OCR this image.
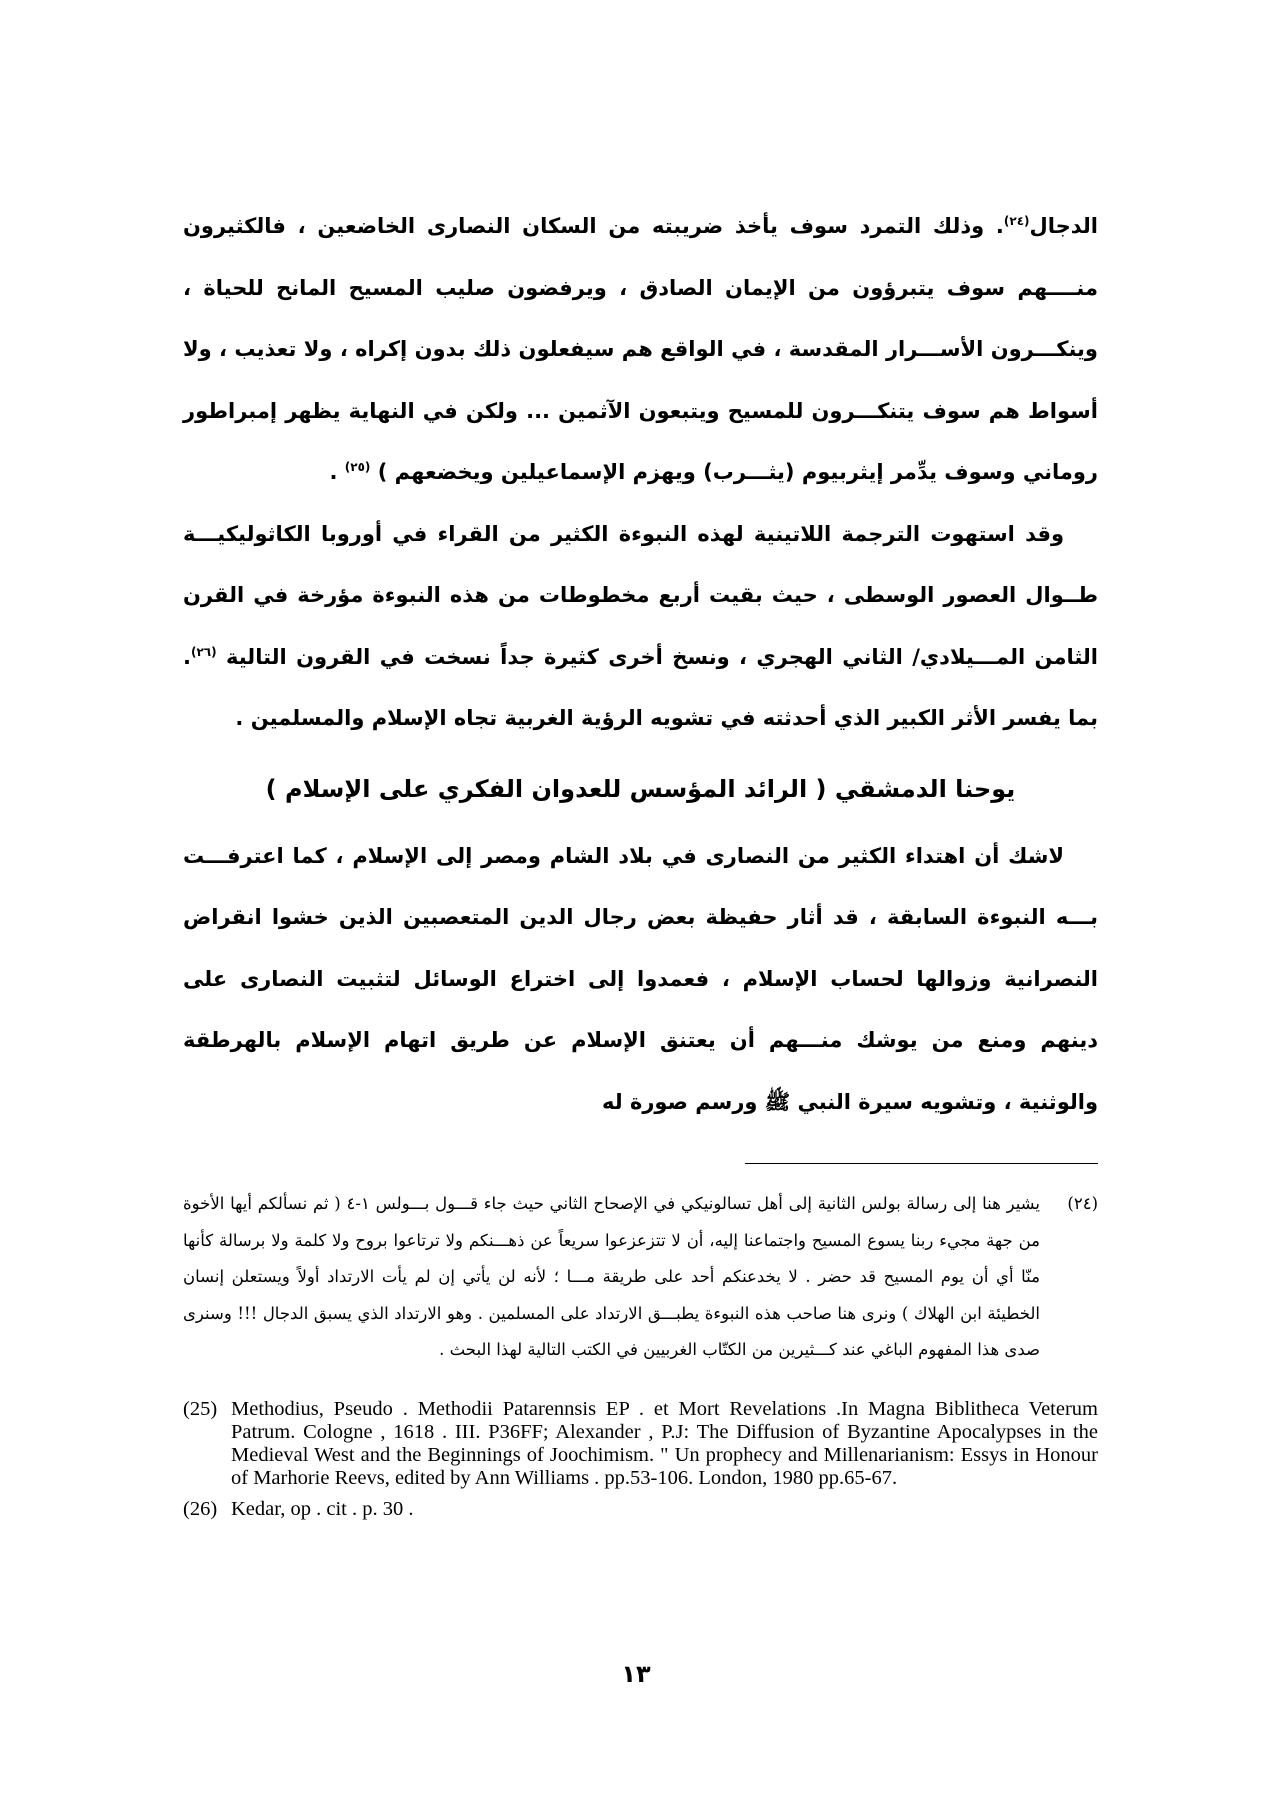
الدجال$^{(٢٤)}$. وذلك التمرد سوف يأخذ ضريبته من السكان النصارى الخاضعين ، فالكثيرون منــــهم سوف يتبرؤون من الإيمان الصادق ، ويرفضون صليب المسيح المانح للحياة ، وينكـــرون الأســـرار المقدسة ، في الواقع هم سيفعلون ذلك بدون إكراه ، ولا تعذيب ، ولا أسواط هم سوف يتنكـــرون للمسيح ويتبعون الآثمين ... ولكن في النهاية يظهر إمبراطور روماني وسوف يدِّمر إيثربيوم (يثـــرب) ويهزم الإسماعيلين ويخضعهم ) $^{(٢٥)}$ .

وقد استهوت الترجمة اللاتينية لهذه النبوءة الكثير من القراء في أوروبا الكاثوليكيـــة طــوال العصور الوسطى ، حيث بقيت أربع مخطوطات من هذه النبوءة مؤرخة في القرن الثامن المـــيلادي/ الثاني الهجري ، ونسخ أخرى كثيرة جداً نسخت في القرون التالية $^{(٢٦)}$. بما يفسر الأثر الكبير الذي أحدثته في تشويه الرؤية الغربية تجاه الإسلام والمسلمين .

يوحنا الدمشقي ( الرائد المؤسس للعدوان الفكري على الإسلام )

لاشك أن اهتداء الكثير من النصارى في بلاد الشام ومصر إلى الإسلام ، كما اعترفـــت بـــه النبوءة السابقة ، قد أثار حفيظة بعض رجال الدين المتعصبين الذين خشوا انقراض النصرانية وزوالها لحساب الإسلام ، فعمدوا إلى اختراع الوسائل لتثبيت النصارى على دينهم ومنع من يوشك منـــهم أن يعتنق الإسلام عن طريق اتهام الإسلام بالهرطقة والوثنية ، وتشويه سيرة النبي ﷺ ورسم صورة له

(٢٤)
يشير هنا إلى رسالة بولس الثانية إلى أهل تسالونيكي في الإصحاح الثاني حيث جاء قـــول بـــولس ١-٤ ( ثم نسألكم أيها الأخوة من جهة مجيء ربنا يسوع المسيح واجتماعنا إليه، أن لا تتزعزعوا سريعاً عن ذهـــنكم ولا ترتاعوا بروح ولا كلمة ولا برسالة كأنها منّا أي أن يوم المسيح قد حضر . لا يخدعنكم أحد على طريقة مـــا ؛ لأنه لن يأتي إن لم يأت الارتداد أولاً ويستعلن إنسان الخطيئة ابن الهلاك ) ونرى هنا صاحب هذه النبوءة يطبـــق الارتداد على المسلمين . وهو الارتداد الذي يسبق الدجال !!! وسنرى صدى هذا المفهوم الباغي عند كـــثيرين من الكتّاب الغربيين في الكتب التالية لهذا البحث .
(25) Methodius, Pseudo . Methodii Patarennsis EP . et Mort Revelations .In Magna Biblitheca Veterum Patrum. Cologne , 1618 . III. P36FF; Alexander , P.J: The Diffusion of Byzantine Apocalypses in the Medieval West and the Beginnings of Joochimism. " Un prophecy and Millenarianism: Essys in Honour of Marhorie Reevs, edited by Ann Williams . pp.53-106. London, 1980 pp.65-67.
(26) Kedar, op . cit . p. 30 .
١٣
